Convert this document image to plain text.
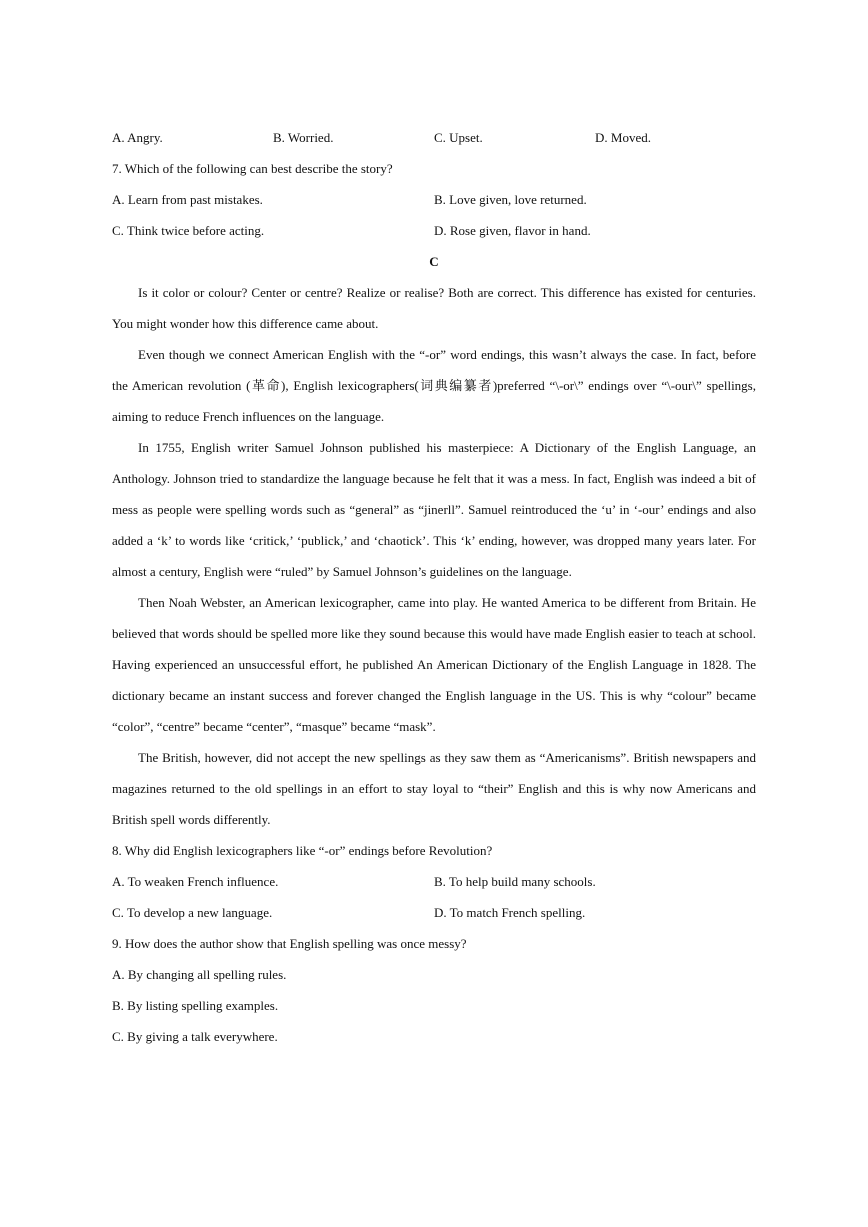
A. Angry.	B. Worried.	C. Upset.	D. Moved.
7. Which of the following can best describe the story?
A. Learn from past mistakes.	B. Love given, love returned.
C. Think twice before acting.	D. Rose given, flavor in hand.
C

Is it color or colour? Center or centre? Realize or realise? Both are correct. This difference has existed for centuries. You might wonder how this difference came about.

Even though we connect American English with the “-or” word endings, this wasn’t always the case. In fact, before the American revolution (革命), English lexicographers(词典编纂者)preferred “\-or\” endings over “\-our\” spellings, aiming to reduce French influences on the language.

In 1755, English writer Samuel Johnson published his masterpiece: A Dictionary of the English Language, an Anthology. Johnson tried to standardize the language because he felt that it was a mess. In fact, English was indeed a bit of mess as people were spelling words such as “general” as “jinerll”. Samuel reintroduced the ‘u’ in ‘-our’ endings and also added a ‘k’ to words like ‘critick,’ ‘publick,’ and ‘chaotick’. This ‘k’ ending, however, was dropped many years later. For almost a century, English were “ruled” by Samuel Johnson’s guidelines on the language.

Then Noah Webster, an American lexicographer, came into play. He wanted America to be different from Britain. He believed that words should be spelled more like they sound because this would have made English easier to teach at school. Having experienced an unsuccessful effort, he published An American Dictionary of the English Language in 1828. The dictionary became an instant success and forever changed the English language in the US. This is why “colour” became “color”, “centre” became “center”, “masque” became “mask”.

The British, however, did not accept the new spellings as they saw them as “Americanisms”. British newspapers and magazines returned to the old spellings in an effort to stay loyal to “their” English and this is why now Americans and British spell words differently.

8. Why did English lexicographers like “-or” endings before Revolution?
A. To weaken French influence.	B. To help build many schools.
C. To develop a new language.	D. To match French spelling.
9. How does the author show that English spelling was once messy?
A. By changing all spelling rules.
B. By listing spelling examples.
C. By giving a talk everywhere.
